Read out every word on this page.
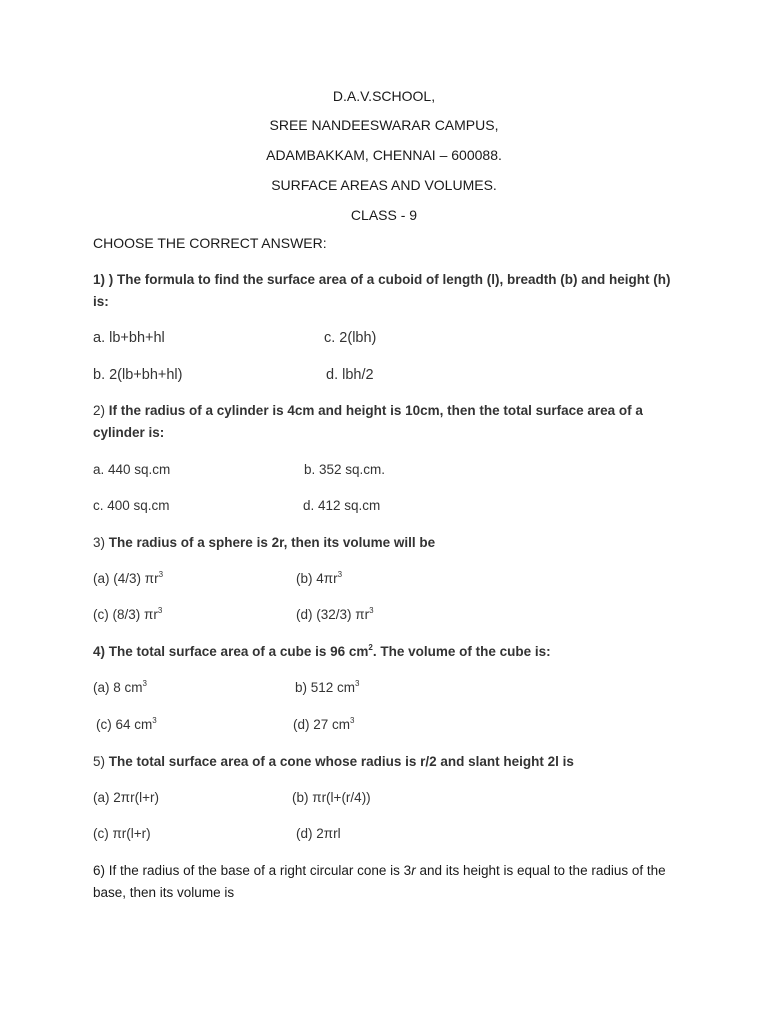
D.A.V.SCHOOL,
SREE NANDEESWARAR CAMPUS,
ADAMBAKKAM, CHENNAI – 600088.
SURFACE AREAS AND VOLUMES.
CLASS - 9
CHOOSE THE CORRECT ANSWER:
1) ) The formula to find the surface area of a cuboid of length (l), breadth (b) and height (h) is:
a. lb+bh+hl	c. 2(lbh)
b. 2(lb+bh+hl)	d. lbh/2
2) If the radius of a cylinder is 4cm and height is 10cm, then the total surface area of a cylinder is:
a. 440 sq.cm	b. 352 sq.cm.
c. 400 sq.cm	d. 412 sq.cm
3) The radius of a sphere is 2r, then its volume will be
(a) (4/3) $\pi r^3$	(b) $4\pi r^3$
(c) (8/3) $\pi r^3$	(d) (32/3) $\pi r^3$
4) The total surface area of a cube is 96 $cm^2$. The volume of the cube is:
(a) 8 $cm^3$	b) 512 $cm^3$
(c) 64 $cm^3$	(d) 27 $cm^3$
5) The total surface area of a cone whose radius is r/2 and slant height 2l is
(a) 2πr(l+r)	(b) πr(l+(r/4))
(c) πr(l+r)	(d) 2πrl
6) If the radius of the base of a right circular cone is 3r and its height is equal to the radius of the base, then its volume is
